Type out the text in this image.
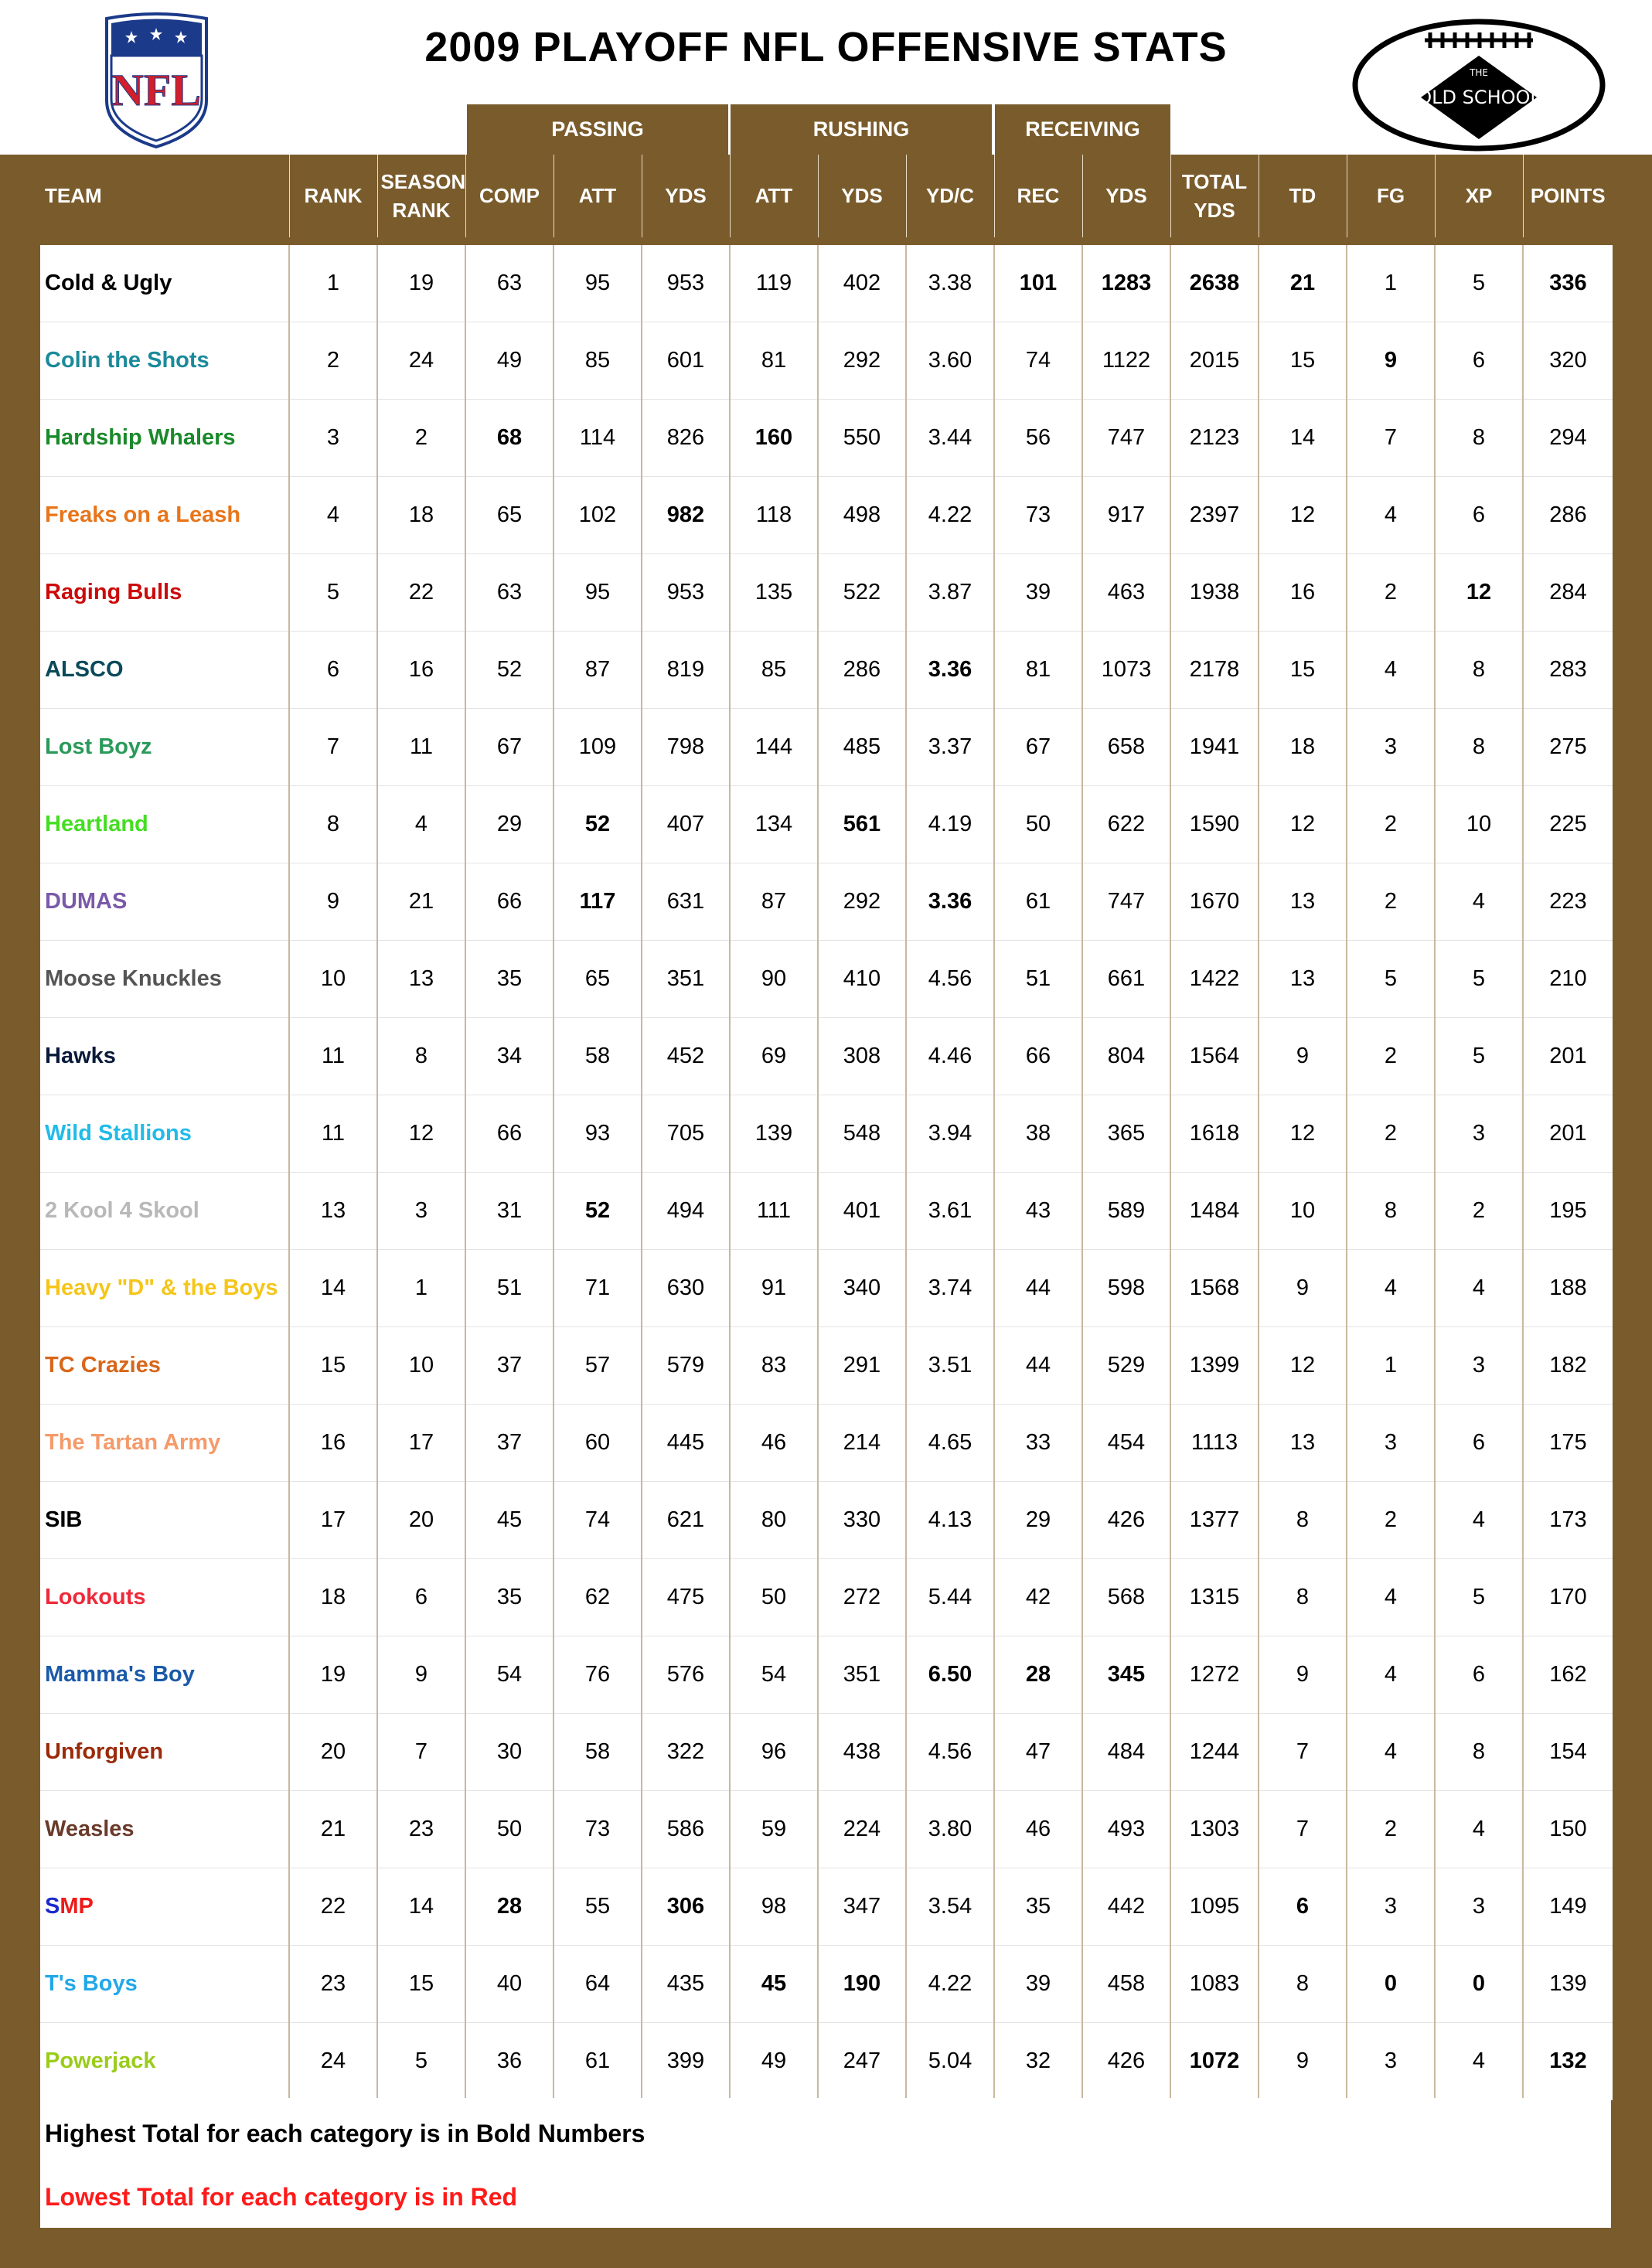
2009 PLAYOFF NFL OFFENSIVE STATS
NFL	THE
OLD SCHOOL
PASSING	RUSHING	RECEIVING
TEAM	RANK	SEASON RANK	COMP	ATT	YDS	ATT	YDS	YD/C	REC	YDS	TOTAL YDS	TD	FG	XP	POINTS
Cold & Ugly	1	19	63	95	953	119	402	3.38	101	1283	2638	21	1	5	336
Colin the Shots	2	24	49	85	601	81	292	3.60	74	1122	2015	15	9	6	320
Hardship Whalers	3	2	68	114	826	160	550	3.44	56	747	2123	14	7	8	294
Freaks on a Leash	4	18	65	102	982	118	498	4.22	73	917	2397	12	4	6	286
Raging Bulls	5	22	63	95	953	135	522	3.87	39	463	1938	16	2	12	284
ALSCO	6	16	52	87	819	85	286	3.36	81	1073	2178	15	4	8	283
Lost Boyz	7	11	67	109	798	144	485	3.37	67	658	1941	18	3	8	275
Heartland	8	4	29	52	407	134	561	4.19	50	622	1590	12	2	10	225
DUMAS	9	21	66	117	631	87	292	3.36	61	747	1670	13	2	4	223
Moose Knuckles	10	13	35	65	351	90	410	4.56	51	661	1422	13	5	5	210
Hawks	11	8	34	58	452	69	308	4.46	66	804	1564	9	2	5	201
Wild Stallions	11	12	66	93	705	139	548	3.94	38	365	1618	12	2	3	201
2 Kool 4 Skool	13	3	31	52	494	111	401	3.61	43	589	1484	10	8	2	195
Heavy "D" & the Boys	14	1	51	71	630	91	340	3.74	44	598	1568	9	4	4	188
TC Crazies	15	10	37	57	579	83	291	3.51	44	529	1399	12	1	3	182
The Tartan Army	16	17	37	60	445	46	214	4.65	33	454	1113	13	3	6	175
SIB	17	20	45	74	621	80	330	4.13	29	426	1377	8	2	4	173
Lookouts	18	6	35	62	475	50	272	5.44	42	568	1315	8	4	5	170
Mamma's Boy	19	9	54	76	576	54	351	6.50	28	345	1272	9	4	6	162
Unforgiven	20	7	30	58	322	96	438	4.56	47	484	1244	7	4	8	154
Weasles	21	23	50	73	586	59	224	3.80	46	493	1303	7	2	4	150
SMP	22	14	28	55	306	98	347	3.54	35	442	1095	6	3	3	149
T's Boys	23	15	40	64	435	45	190	4.22	39	458	1083	8	0	0	139
Powerjack	24	5	36	61	399	49	247	5.04	32	426	1072	9	3	4	132
Highest Total for each category is in Bold Numbers
Lowest Total for each category is in Red
